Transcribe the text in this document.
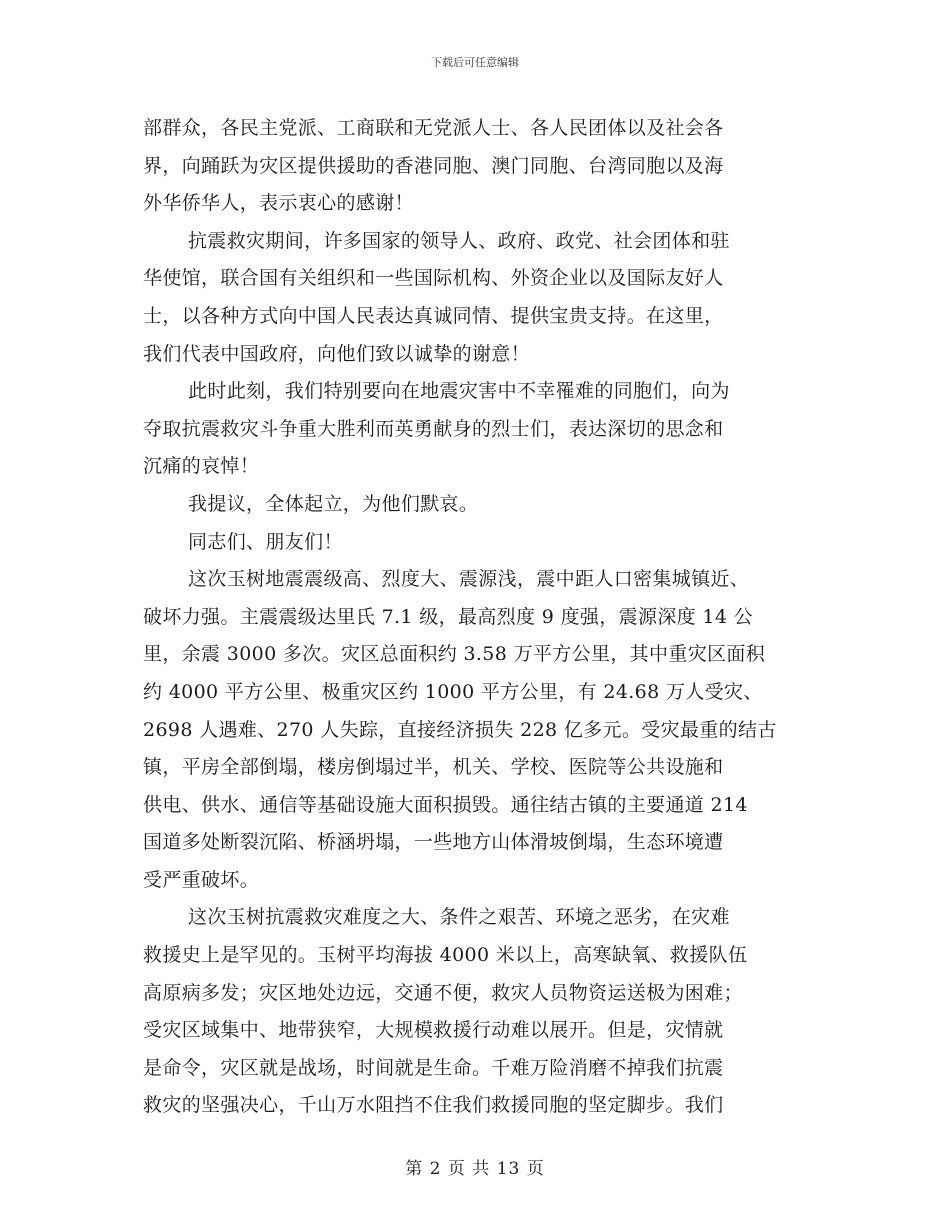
下载后可任意编辑
部群众，各民主党派、工商联和无党派人士、各人民团体以及社会各
界，向踊跃为灾区提供援助的香港同胞、澳门同胞、台湾同胞以及海
外华侨华人，表示衷心的感谢！
抗震救灾期间，许多国家的领导人、政府、政党、社会团体和驻
华使馆，联合国有关组织和一些国际机构、外资企业以及国际友好人
士，以各种方式向中国人民表达真诚同情、提供宝贵支持。在这里，
我们代表中国政府，向他们致以诚挚的谢意！
此时此刻，我们特别要向在地震灾害中不幸罹难的同胞们，向为
夺取抗震救灾斗争重大胜利而英勇献身的烈士们，表达深切的思念和
沉痛的哀悼！
我提议，全体起立，为他们默哀。
同志们、朋友们！
这次玉树地震震级高、烈度大、震源浅，震中距人口密集城镇近、
破坏力强。主震震级达里氏 7.1 级，最高烈度 9 度强，震源深度 14 公
里，余震 3000 多次。灾区总面积约 3.58 万平方公里，其中重灾区面积
约 4000 平方公里、极重灾区约 1000 平方公里，有 24.68 万人受灾、
2698 人遇难、270 人失踪，直接经济损失 228 亿多元。受灾最重的结古
镇，平房全部倒塌，楼房倒塌过半，机关、学校、医院等公共设施和
供电、供水、通信等基础设施大面积损毁。通往结古镇的主要通道 214
国道多处断裂沉陷、桥涵坍塌，一些地方山体滑坡倒塌，生态环境遭
受严重破坏。
这次玉树抗震救灾难度之大、条件之艰苦、环境之恶劣，在灾难
救援史上是罕见的。玉树平均海拔 4000 米以上，高寒缺氧、救援队伍
高原病多发；灾区地处边远，交通不便，救灾人员物资运送极为困难；
受灾区域集中、地带狭窄，大规模救援行动难以展开。但是，灾情就
是命令，灾区就是战场，时间就是生命。千难万险消磨不掉我们抗震
救灾的坚强决心，千山万水阻挡不住我们救援同胞的坚定脚步。我们
第 2 页 共 13 页
